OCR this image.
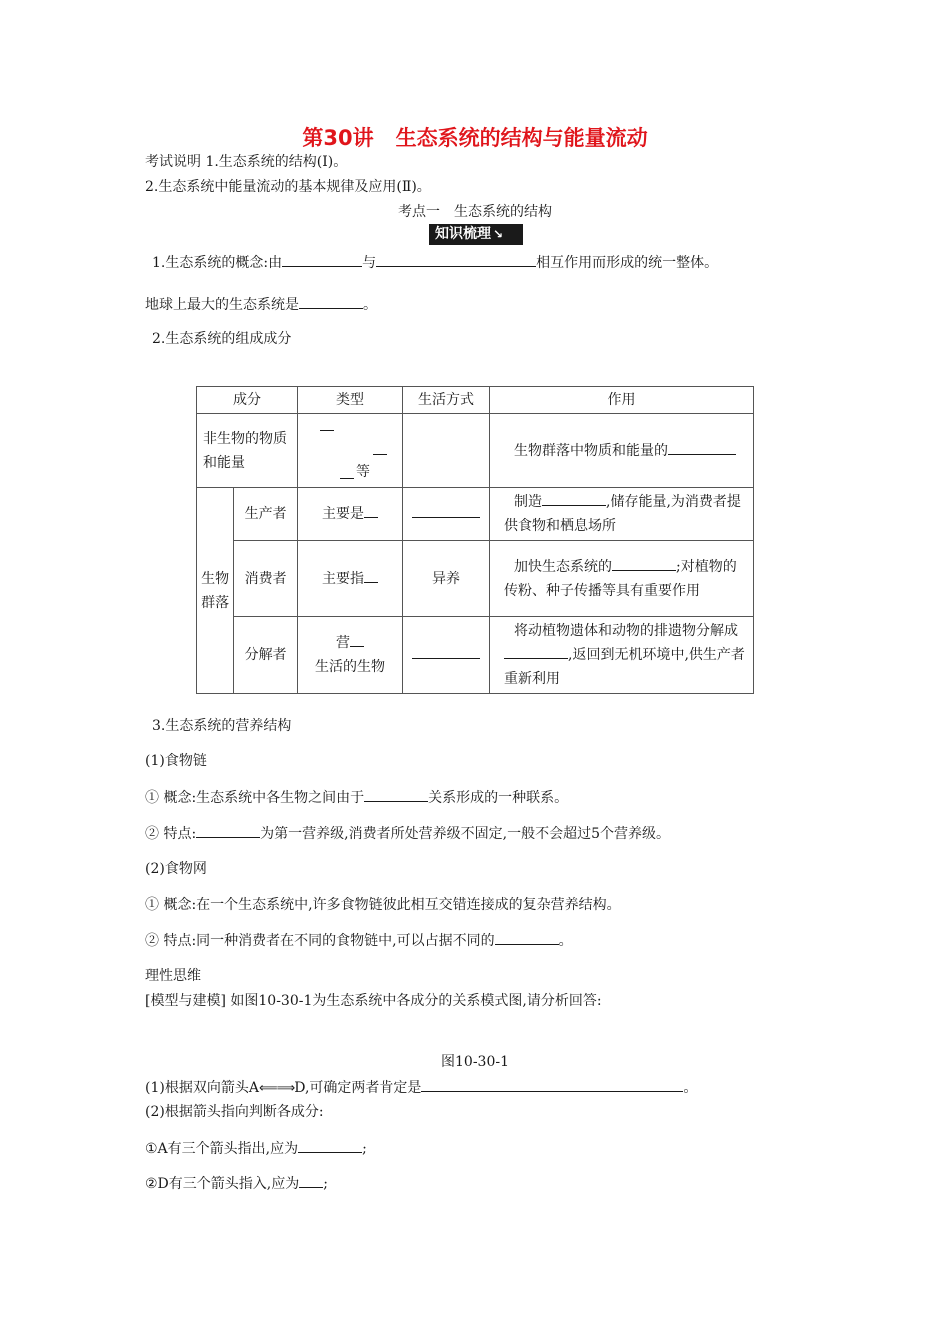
第30讲 生态系统的结构与能量流动
考试说明 1.生态系统的结构(Ⅰ)。
2.生态系统中能量流动的基本规律及应用(Ⅱ)。
考点一　生态系统的结构
知识梳理 ↘
1.生态系统的概念:由	与	相互作用而形成的统一整体。
地球上最大的生态系统是	。
2.生态系统的组成成分
成分		类型	生活方式	作用

非生物的物质和能量		等		生物群落中物质和能量的

生物群落	生产者	主要是		制造 ,储存能量,为消费者提供食物和栖息场所

	消费者	主要指	异养	加快生态系统的 ;对植物的传粉、种子传播等具有重要作用

	分解者	营
生活的生物		将动植物遗体和动物的排遗物分解成,返回到无机环境中,供生产者重新利用
3.生态系统的营养结构
(1)食物链
① 概念:生态系统中各生物之间由于	关系形成的一种联系。
② 特点:	为第一营养级,消费者所处营养级不固定,一般不会超过5个营养级。
(2)食物网
① 概念:在一个生态系统中,许多食物链彼此相互交错连接成的复杂营养结构。
② 特点:同一种消费者在不同的食物链中,可以占据不同的	。
理性思维
[模型与建模] 如图10-30-1为生态系统中各成分的关系模式图,请分析回答:
图10-30-1
(1)根据双向箭头A⟸⟹D,可确定两者肯定是	。
(2)根据箭头指向判断各成分:
①A有三个箭头指出,应为	;
②D有三个箭头指入,应为 ;
